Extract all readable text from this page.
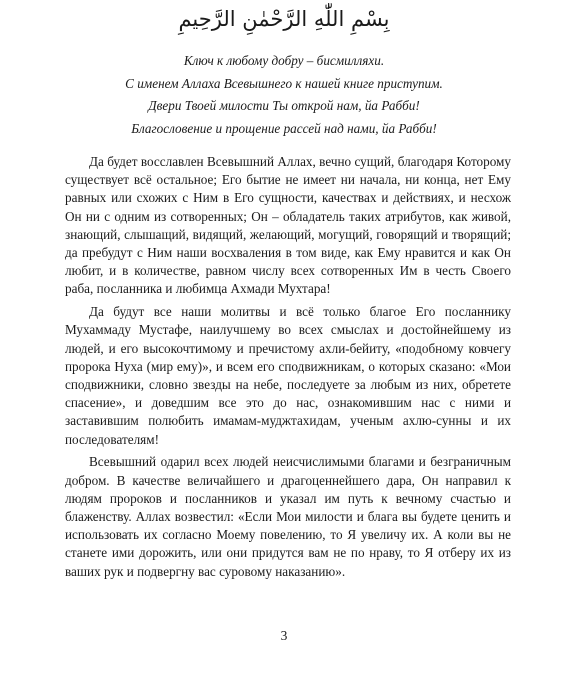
بِسْمِ اللّٰهِ الرَّحْمٰنِ الرَّحِيمِ
Ключ к любому добру – бисмилляхи.
С именем Аллаха Всевышнего к нашей книге приступим.
Двери Твоей милости Ты открой нам, йа Рабби!
Благословение и прощение рассей над нами, йа Рабби!

Да будет восславлен Всевышний Аллах, вечно сущий, благодаря Которому существует всё остальное; Его бытие не имеет ни начала, ни конца, нет Ему равных или схожих с Ним в Его сущности, качествах и действиях, и несхож Он ни с одним из сотворенных; Он – обладатель таких атрибутов, как живой, знающий, слышащий, видящий, желающий, могущий, говорящий и творящий; да пребудут с Ним наши восхваления в том виде, как Ему нравится и как Он любит, и в количестве, равном числу всех сотворенных Им в честь Своего раба, посланника и любимца Ахмади Мухтара!

Да будут все наши молитвы и всё только благое Его посланнику Мухаммаду Мустафе, наилучшему во всех смыслах и достойнейшему из людей, и его высокочтимому и пречистому ахли-бейиту, «подобному ковчегу пророка Нуха (мир ему)», и всем его сподвижникам, о которых сказано: «Мои сподвижники, словно звезды на небе, последуете за любым из них, обретете спасение», и доведшим все это до нас, ознакомившим нас с ними и заставившим полюбить имамам-муджтахидам, ученым ахлю-сунны и их последователям!

Всевышний одарил всех людей неисчислимыми благами и безграничным добром. В качестве величайшего и драгоценнейшего дара, Он направил к людям пророков и посланников и указал им путь к вечному счастью и блаженству. Аллах возвестил: «Если Мои милости и блага вы будете ценить и использовать их согласно Моему повелению, то Я увеличу их. А коли вы не станете ими дорожить, или они придутся вам не по нраву, то Я отберу их из ваших рук и подвергну вас суровому наказанию».

3
